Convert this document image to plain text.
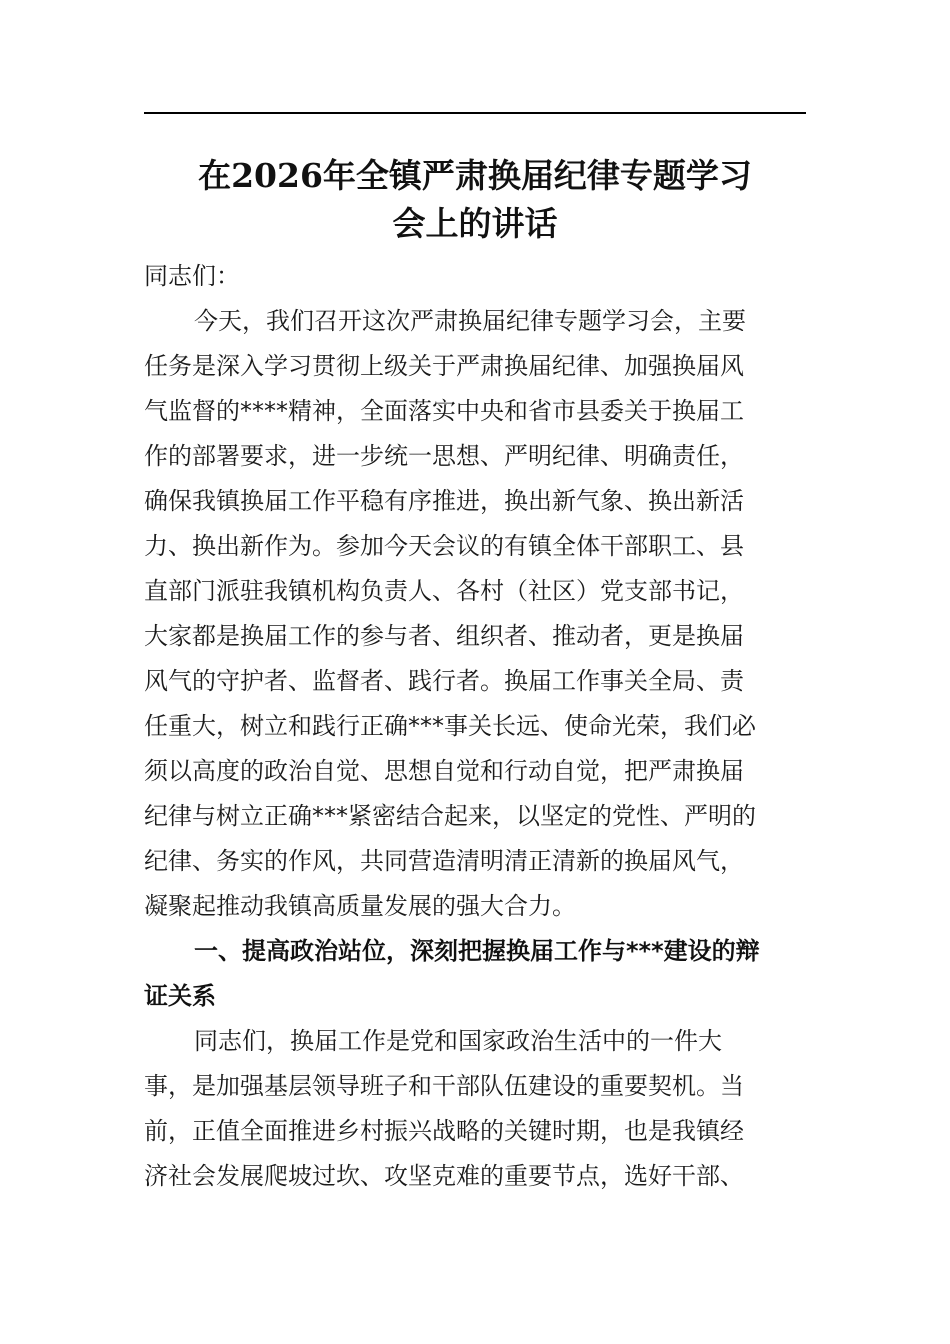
在2026年全镇严肃换届纪律专题学习
会上的讲话
同志们：
今天，我们召开这次严肃换届纪律专题学习会，主要
任务是深入学习贯彻上级关于严肃换届纪律、加强换届风
气监督的****精神，全面落实中央和省市县委关于换届工
作的部署要求，进一步统一思想、严明纪律、明确责任，
确保我镇换届工作平稳有序推进，换出新气象、换出新活
力、换出新作为。参加今天会议的有镇全体干部职工、县
直部门派驻我镇机构负责人、各村（社区）党支部书记，
大家都是换届工作的参与者、组织者、推动者，更是换届
风气的守护者、监督者、践行者。换届工作事关全局、责
任重大，树立和践行正确***事关长远、使命光荣，我们必
须以高度的政治自觉、思想自觉和行动自觉，把严肃换届
纪律与树立正确***紧密结合起来，以坚定的党性、严明的
纪律、务实的作风，共同营造清明清正清新的换届风气，
凝聚起推动我镇高质量发展的强大合力。
一、提高政治站位，深刻把握换届工作与***建设的辩
证关系
同志们，换届工作是党和国家政治生活中的一件大
事，是加强基层领导班子和干部队伍建设的重要契机。当
前，正值全面推进乡村振兴战略的关键时期，也是我镇经
济社会发展爬坡过坎、攻坚克难的重要节点，选好干部、
